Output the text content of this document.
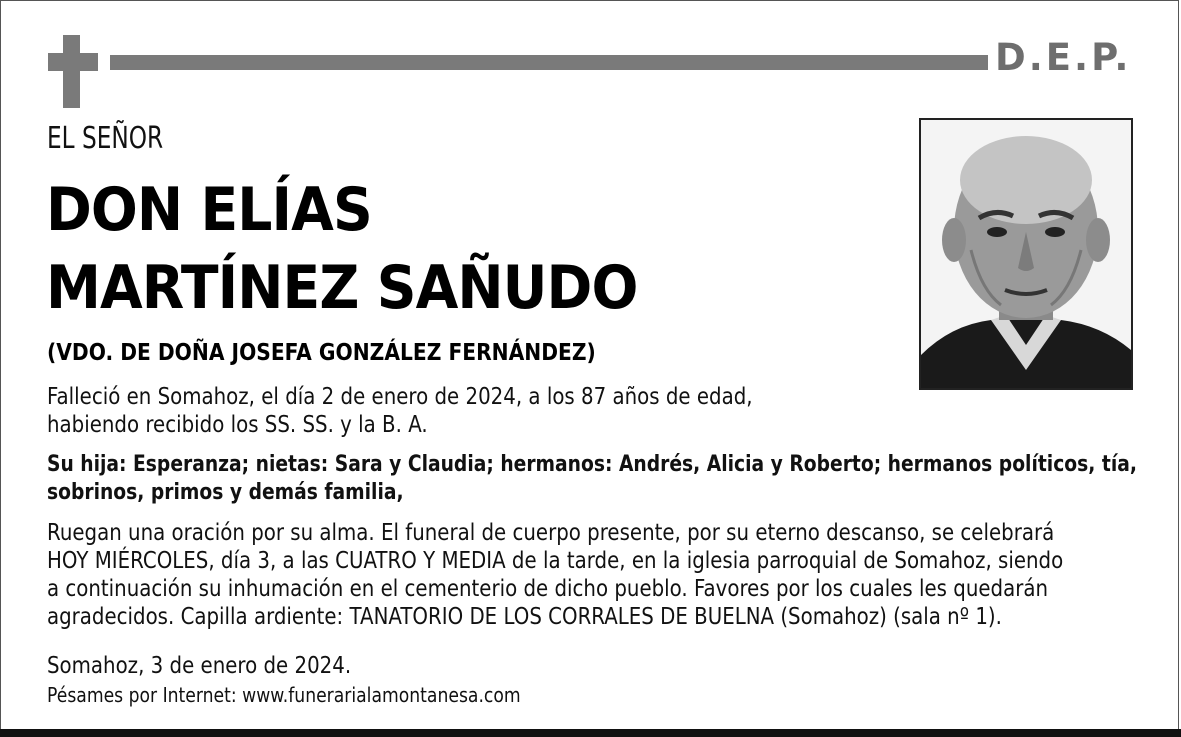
D.E.P.
EL SEÑOR
DON ELÍAS
MARTÍNEZ SAÑUDO
(VDO. DE DOÑA JOSEFA GONZÁLEZ FERNÁNDEZ)
Falleció en Somahoz, el día 2 de enero de 2024, a los 87 años de edad,
habiendo recibido los SS. SS. y la B. A.
Su hija: Esperanza; nietas: Sara y Claudia; hermanos: Andrés, Alicia y Roberto; hermanos políticos, tía,
sobrinos, primos y demás familia,
Ruegan una oración por su alma. El funeral de cuerpo presente, por su eterno descanso, se celebrará
HOY MIÉRCOLES, día 3, a las CUATRO Y MEDIA de la tarde, en la iglesia parroquial de Somahoz, siendo
a continuación su inhumación en el cementerio de dicho pueblo. Favores por los cuales les quedarán
agradecidos. Capilla ardiente: TANATORIO DE LOS CORRALES DE BUELNA (Somahoz) (sala nº 1).
Somahoz, 3 de enero de 2024.
Pésames por Internet: www.funerarialamontanesa.com
